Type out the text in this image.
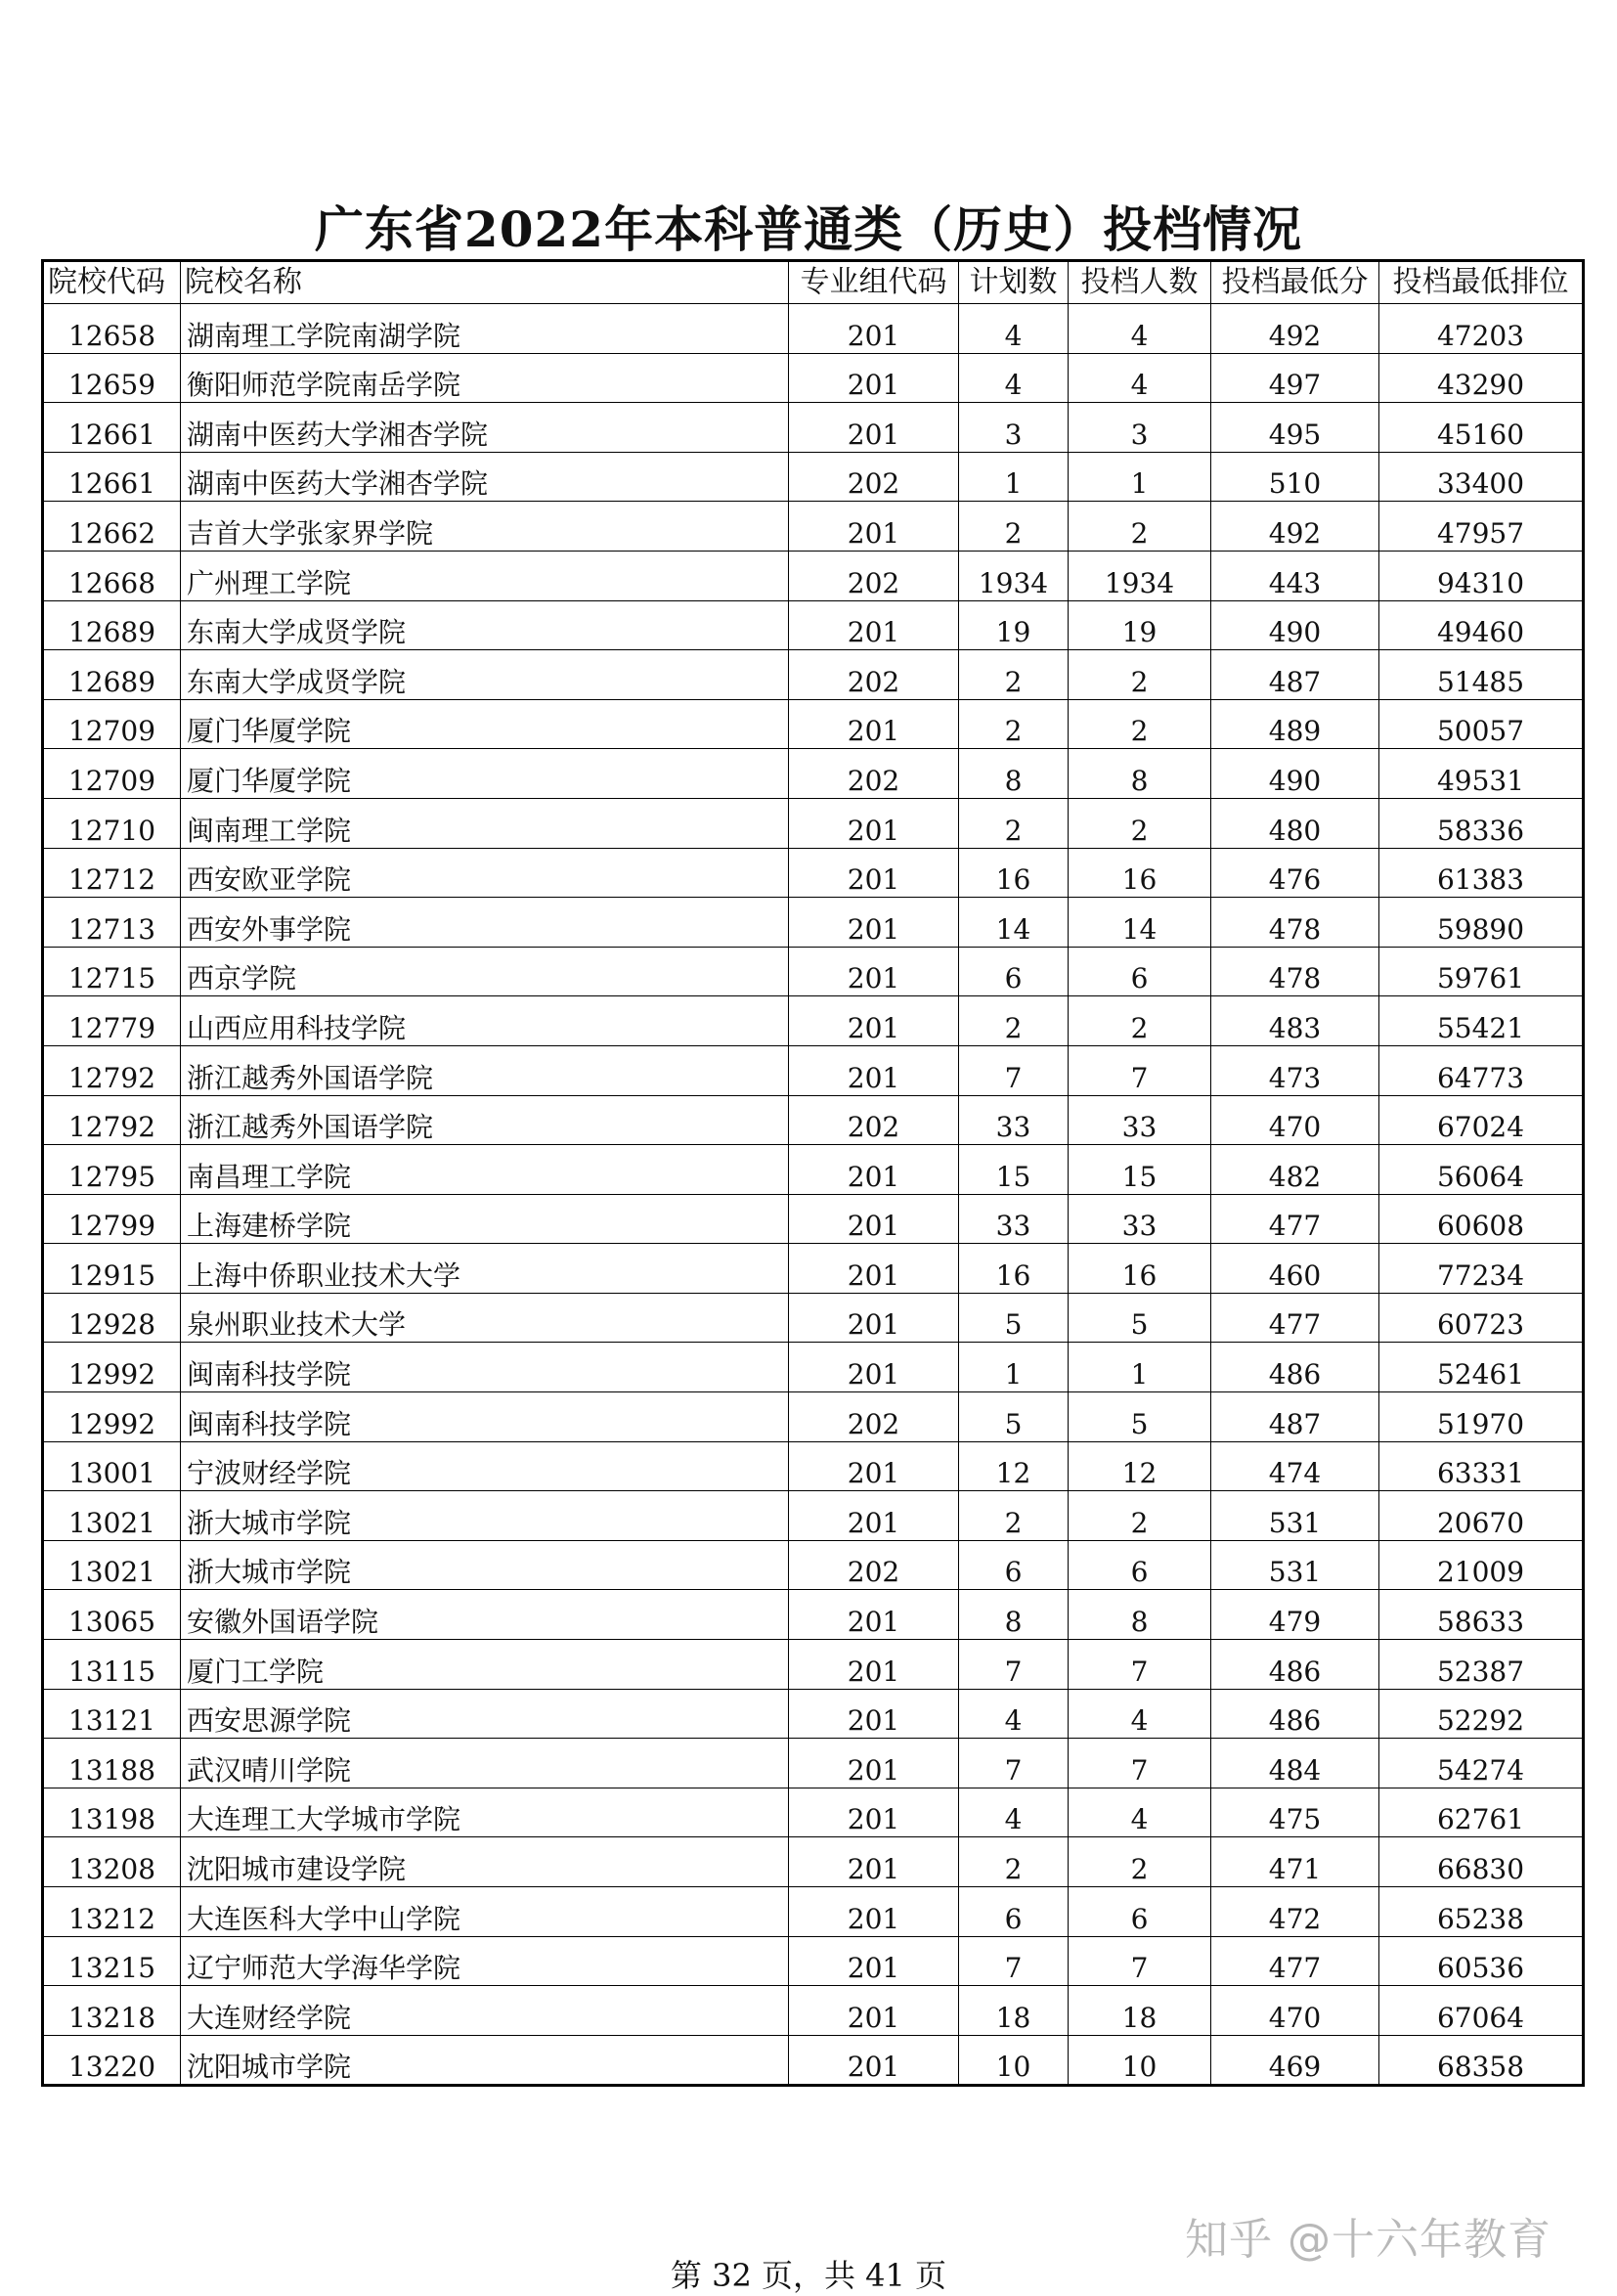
广东省2022年本科普通类（历史）投档情况
院校代码	院校名称	专业组代码	计划数	投档人数	投档最低分	投档最低排位
12658	湖南理工学院南湖学院	201	4	4	492	47203
12659	衡阳师范学院南岳学院	201	4	4	497	43290
12661	湖南中医药大学湘杏学院	201	3	3	495	45160
12661	湖南中医药大学湘杏学院	202	1	1	510	33400
12662	吉首大学张家界学院	201	2	2	492	47957
12668	广州理工学院	202	1934	1934	443	94310
12689	东南大学成贤学院	201	19	19	490	49460
12689	东南大学成贤学院	202	2	2	487	51485
12709	厦门华厦学院	201	2	2	489	50057
12709	厦门华厦学院	202	8	8	490	49531
12710	闽南理工学院	201	2	2	480	58336
12712	西安欧亚学院	201	16	16	476	61383
12713	西安外事学院	201	14	14	478	59890
12715	西京学院	201	6	6	478	59761
12779	山西应用科技学院	201	2	2	483	55421
12792	浙江越秀外国语学院	201	7	7	473	64773
12792	浙江越秀外国语学院	202	33	33	470	67024
12795	南昌理工学院	201	15	15	482	56064
12799	上海建桥学院	201	33	33	477	60608
12915	上海中侨职业技术大学	201	16	16	460	77234
12928	泉州职业技术大学	201	5	5	477	60723
12992	闽南科技学院	201	1	1	486	52461
12992	闽南科技学院	202	5	5	487	51970
13001	宁波财经学院	201	12	12	474	63331
13021	浙大城市学院	201	2	2	531	20670
13021	浙大城市学院	202	6	6	531	21009
13065	安徽外国语学院	201	8	8	479	58633
13115	厦门工学院	201	7	7	486	52387
13121	西安思源学院	201	4	4	486	52292
13188	武汉晴川学院	201	7	7	484	54274
13198	大连理工大学城市学院	201	4	4	475	62761
13208	沈阳城市建设学院	201	2	2	471	66830
13212	大连医科大学中山学院	201	6	6	472	65238
13215	辽宁师范大学海华学院	201	7	7	477	60536
13218	大连财经学院	201	18	18	470	67064
13220	沈阳城市学院	201	10	10	469	68358
知乎 @十六年教育

第 32 页，共 41 页
